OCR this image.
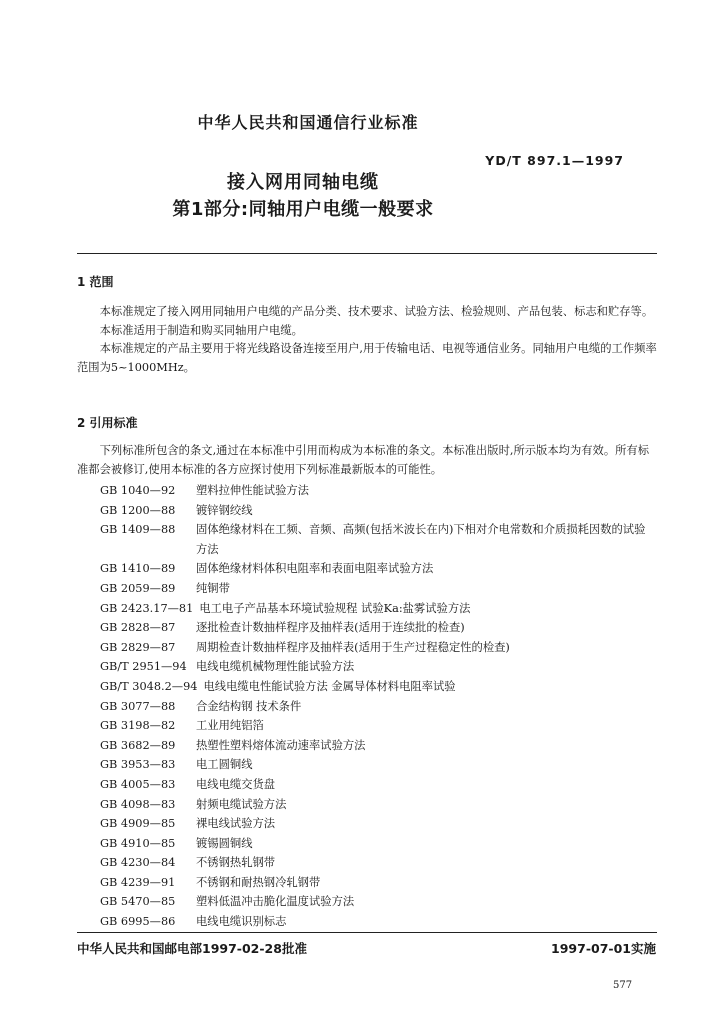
中华人民共和国通信行业标准
YD/T 897.1—1997
接入网用同轴电缆
第1部分:同轴用户电缆一般要求
1 范围
本标准规定了接入网用同轴用户电缆的产品分类、技术要求、试验方法、检验规则、产品包装、标志和贮存等。
本标准适用于制造和购买同轴用户电缆。
本标准规定的产品主要用于将光线路设备连接至用户,用于传输电话、电视等通信业务。同轴用户电缆的工作频率范围为5~1000MHz。
2 引用标准
下列标准所包含的条文,通过在本标准中引用而构成为本标准的条文。本标准出版时,所示版本均为有效。所有标准都会被修订,使用本标准的各方应探讨使用下列标准最新版本的可能性。
GB 1040—92	塑料拉伸性能试验方法
GB 1200—88	镀锌钢绞线
GB 1409—88	固体绝缘材料在工频、音频、高频(包括米波长在内)下相对介电常数和介质损耗因数的试验方法
GB 1410—89	固体绝缘材料体积电阻率和表面电阻率试验方法
GB 2059—89	纯铜带
GB 2423.17—81 电工电子产品基本环境试验规程 试验Ka:盐雾试验方法
GB 2828—87	逐批检查计数抽样程序及抽样表(适用于连续批的检查)
GB 2829—87	周期检查计数抽样程序及抽样表(适用于生产过程稳定性的检查)
GB/T 2951—94 电线电缆机械物理性能试验方法
GB/T 3048.2—94 电线电缆电性能试验方法 金属导体材料电阻率试验
GB 3077—88	合金结构钢 技术条件
GB 3198—82	工业用纯铝箔
GB 3682—89	热塑性塑料熔体流动速率试验方法
GB 3953—83	电工圆铜线
GB 4005—83	电线电缆交货盘
GB 4098—83	射频电缆试验方法
GB 4909—85	裸电线试验方法
GB 4910—85	镀锡圆铜线
GB 4230—84	不锈钢热轧钢带
GB 4239—91	不锈钢和耐热钢冷轧钢带
GB 5470—85	塑料低温冲击脆化温度试验方法
GB 6995—86	电线电缆识别标志
中华人民共和国邮电部1997-02-28批准	1997-07-01实施
577
